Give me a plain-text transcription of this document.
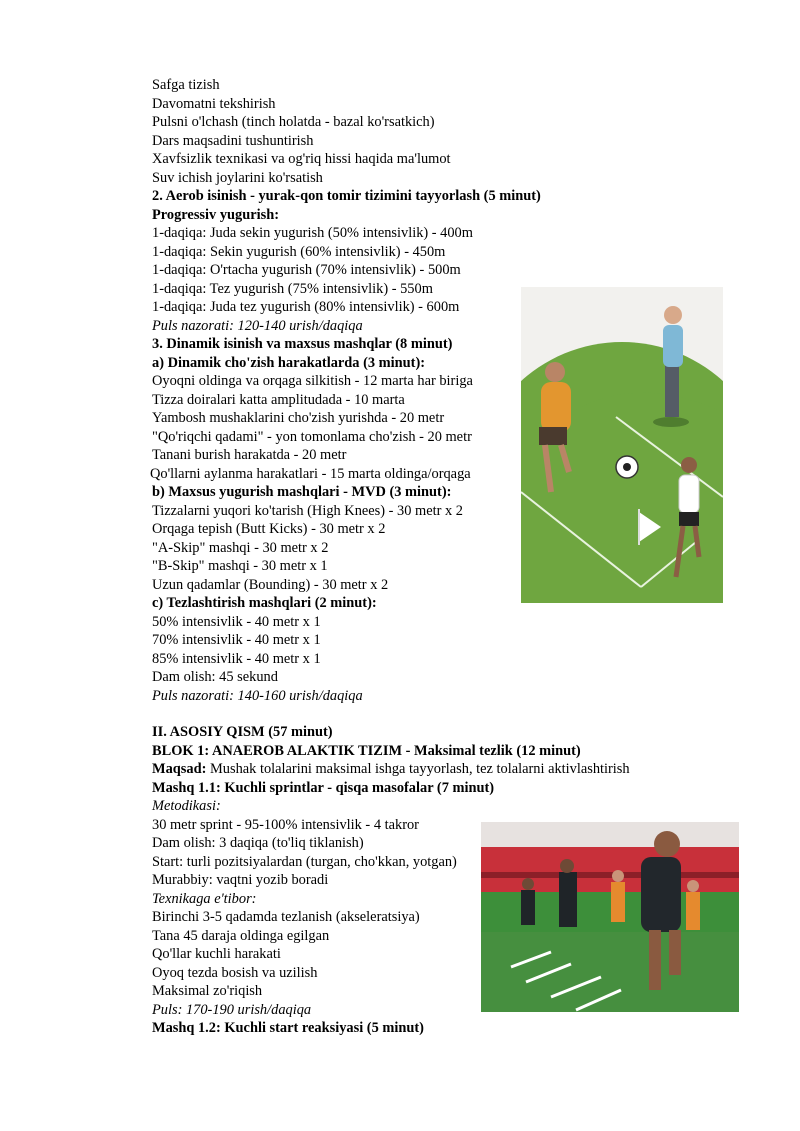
Safga tizish
Davomatni tekshirish
Pulsni o'lchash (tinch holatda - bazal ko'rsatkich)
Dars maqsadini tushuntirish
Xavfsizlik texnikasi va og'riq hissi haqida ma'lumot
Suv ichish joylarini ko'rsatish
2. Aerob isinish - yurak-qon tomir tizimini tayyorlash (5 minut)
Progressiv yugurish:
1-daqiqa: Juda sekin yugurish (50% intensivlik) - 400m
1-daqiqa: Sekin yugurish (60% intensivlik) - 450m
1-daqiqa: O'rtacha yugurish (70% intensivlik) - 500m
1-daqiqa: Tez yugurish (75% intensivlik) - 550m
1-daqiqa: Juda tez yugurish (80% intensivlik) - 600m
Puls nazorati: 120-140 urish/daqiqa
3. Dinamik isinish va maxsus mashqlar (8 minut)
a) Dinamik cho'zish harakatlarda (3 minut):
Oyoqni oldinga va orqaga silkitish - 12 marta har biriga
Tizza doiralari katta amplitudada - 10 marta
Yambosh mushaklarini cho'zish yurishda - 20 metr
"Qo'riqchi qadami" - yon tomonlama cho'zish - 20 metr
Tanani burish harakatda - 20 metr
Qo'llarni aylanma harakatlari - 15 marta oldinga/orqaga
b) Maxsus yugurish mashqlari - MVD (3 minut):
Tizzalarni yuqori ko'tarish (High Knees) - 30 metr x 2
Orqaga tepish (Butt Kicks) - 30 metr x 2
"A-Skip" mashqi - 30 metr x 2
"B-Skip" mashqi - 30 metr x 1
Uzun qadamlar (Bounding) - 30 metr x 2
c) Tezlashtirish mashqlari (2 minut):
50% intensivlik - 40 metr x 1
70% intensivlik - 40 metr x 1
85% intensivlik - 40 metr x 1
Dam olish: 45 sekund
Puls nazorati: 140-160 urish/daqiqa
II. ASOSIY QISM (57 minut)
BLOK 1: ANAEROB ALAKTIK TIZIM - Maksimal tezlik (12 minut)
Maqsad: Mushak tolalarini maksimal ishga tayyorlash, tez tolalarni aktivlashtirish
Mashq 1.1: Kuchli sprintlar - qisqa masofalar (7 minut)
Metodikasi:
30 metr sprint - 95-100% intensivlik - 4 takror
Dam olish: 3 daqiqa (to'liq tiklanish)
Start: turli pozitsiyalardan (turgan, cho'kkan, yotgan)
Murabbiy: vaqtni yozib boradi
Texnikaga e'tibor:
Birinchi 3-5 qadamda tezlanish (akseleratsiya)
Tana 45 daraja oldinga egilgan
Qo'llar kuchli harakati
Oyoq tezda bosish va uzilish
Maksimal zo'riqish
Puls: 170-190 urish/daqiqa
Mashq 1.2: Kuchli start reaksiyasi (5 minut)
